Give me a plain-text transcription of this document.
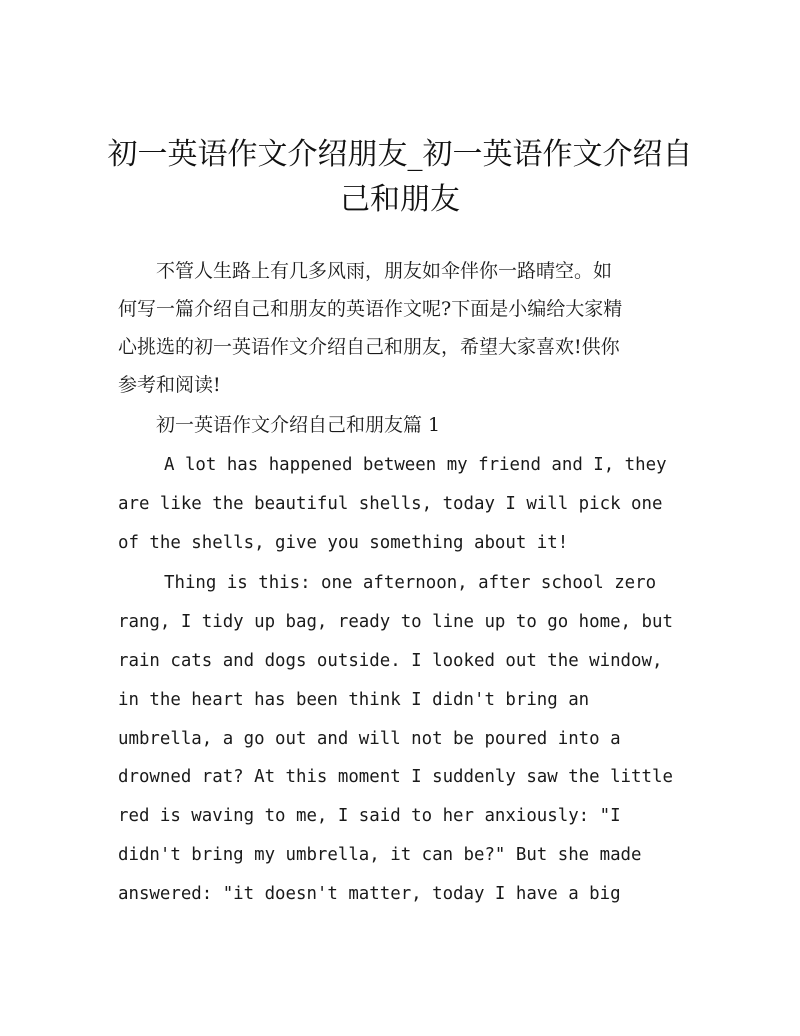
初一英语作文介绍朋友_初一英语作文介绍自
己和朋友

不管人生路上有几多风雨，朋友如伞伴你一路晴空。如
何写一篇介绍自己和朋友的英语作文呢?下面是小编给大家精
心挑选的初一英语作文介绍自己和朋友，希望大家喜欢!供你
参考和阅读!

初一英语作文介绍自己和朋友篇 1

A lot has happened between my friend and I, they
are like the beautiful shells, today I will pick one
of the shells, give you something about it!

Thing is this: one afternoon, after school zero
rang, I tidy up bag, ready to line up to go home, but
rain cats and dogs outside. I looked out the window,
in the heart has been think I didn't bring an
umbrella, a go out and will not be poured into a
drowned rat? At this moment I suddenly saw the little
red is waving to me, I said to her anxiously: "I
didn't bring my umbrella, it can be?" But she made
answered: "it doesn't matter, today I have a big
